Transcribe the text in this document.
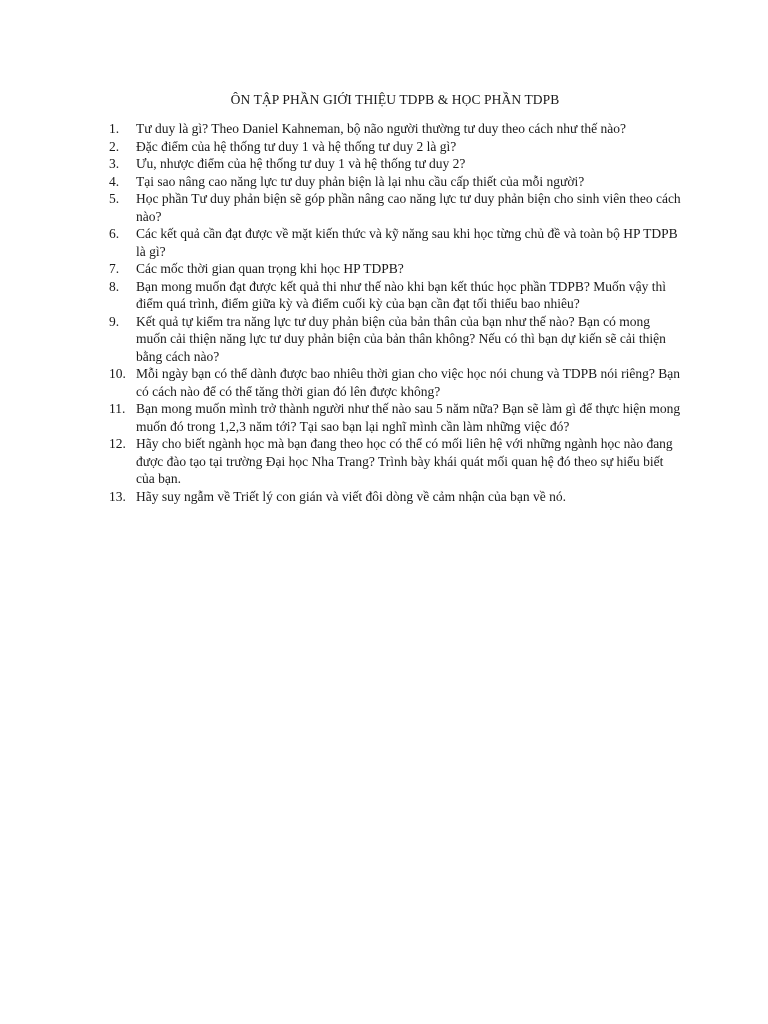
ÔN TẬP PHẦN GIỚI THIỆU TDPB & HỌC PHẦN TDPB
1.	Tư duy là gì? Theo Daniel Kahneman, bộ não người thường tư duy theo cách như thế nào?
2.	Đặc điểm của hệ thống tư duy 1 và hệ thống tư duy 2 là gì?
3.	Ưu, nhược điểm của hệ thống tư duy 1 và hệ thống tư duy 2?
4.	Tại sao nâng cao năng lực tư duy phản biện là lại nhu cầu cấp thiết của mỗi người?
5.	Học phần Tư duy phản biện sẽ góp phần nâng cao năng lực tư duy phản biện cho sinh viên theo cách nào?
6.	Các kết quả cần đạt được về mặt kiến thức và kỹ năng sau khi học từng chủ đề và toàn bộ HP TDPB là gì?
7.	Các mốc thời gian quan trọng khi học HP TDPB?
8.	Bạn mong muốn đạt được kết quả thi như thế nào khi bạn kết thúc học phần TDPB? Muốn vậy thì điểm quá trình, điểm giữa kỳ và điểm cuối kỳ của bạn cần đạt tối thiểu bao nhiêu?
9.	Kết quả tự kiểm tra năng lực tư duy phản biện của bản thân của bạn như thế nào? Bạn có mong muốn cải thiện năng lực tư duy phản biện của bản thân không? Nếu có thì bạn dự kiến sẽ cải thiện bằng cách nào?
10. Mỗi ngày bạn có thể dành được bao nhiêu thời gian cho việc học nói chung và TDPB nói riêng? Bạn có cách nào để có thể tăng thời gian đó lên được không?
11. Bạn mong muốn mình trở thành người như thế nào sau 5 năm nữa? Bạn sẽ làm gì để thực hiện mong muốn đó trong 1,2,3 năm tới? Tại sao bạn lại nghĩ mình cần làm những việc đó?
12. Hãy cho biết ngành học mà bạn đang theo học có thể có mối liên hệ với những ngành học nào đang được đào tạo tại trường Đại học Nha Trang? Trình bày khái quát mối quan hệ đó theo sự hiểu biết của bạn.
13. Hãy suy ngẫm về Triết lý con gián và viết đôi dòng về cảm nhận của bạn về nó.
